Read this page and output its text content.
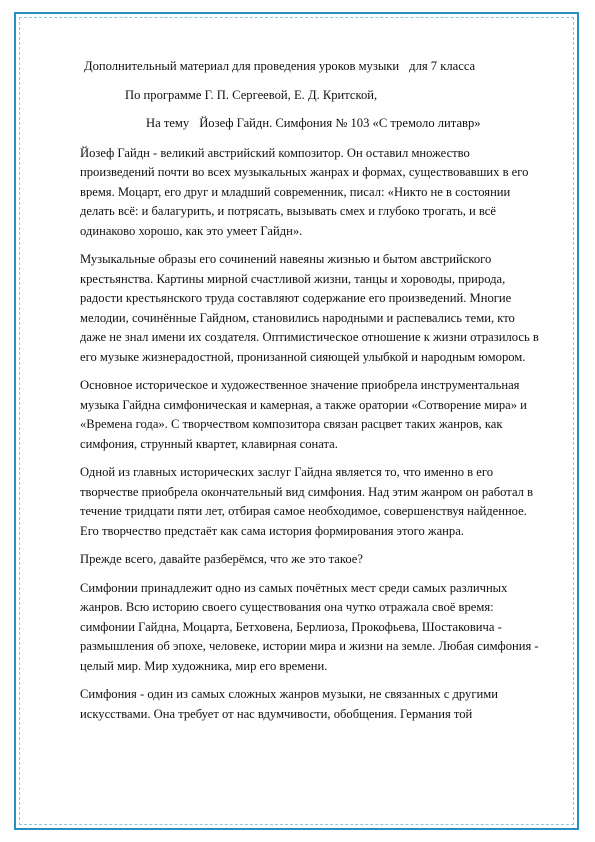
Дополнительный материал для проведения уроков музыки для 7 класса
По программе Г. П. Сергеевой, Е. Д. Критской,
На тему Йозеф Гайдн. Симфония № 103 «С тремоло литавр»

Йозеф Гайдн - великий австрийский композитор. Он оставил множество произведений почти во всех музыкальных жанрах и формах, существовавших в его время. Моцарт, его друг и младший современник, писал: «Никто не в состоянии делать всё: и балагурить, и потрясать, вызывать смех и глубоко трогать, и всё одинаково хорошо, как это умеет Гайдн».

Музыкальные образы его сочинений навеяны жизнью и бытом австрийского крестьянства. Картины мирной счастливой жизни, танцы и хороводы, природа, радости крестьянского труда составляют содержание его произведений. Многие мелодии, сочинённые Гайдном, становились народными и распевались теми, кто даже не знал имени их создателя. Оптимистическое отношение к жизни отразилось в его музыке жизнерадостной, пронизанной сияющей улыбкой и народным юмором.

Основное историческое и художественное значение приобрела инструментальная музыка Гайдна симфоническая и камерная, а также оратории «Сотворение мира» и «Времена года». С творчеством композитора связан расцвет таких жанров, как симфония, струнный квартет, клавирная соната.

Одной из главных исторических заслуг Гайдна является то, что именно в его творчестве приобрела окончательный вид симфония. Над этим жанром он работал в течение тридцати пяти лет, отбирая самое необходимое, совершенствуя найденное. Его творчество предстаёт как сама история формирования этого жанра.

Прежде всего, давайте разберёмся, что же это такое?

Симфонии принадлежит одно из самых почётных мест среди самых различных жанров. Всю историю своего существования она чутко отражала своё время: симфонии Гайдна, Моцарта, Бетховена, Берлиоза, Прокофьева, Шостаковича - размышления об эпохе, человеке, истории мира и жизни на земле. Любая симфония - целый мир. Мир художника, мир его времени.

Симфония - один из самых сложных жанров музыки, не связанных с другими искусствами. Она требует от нас вдумчивости, обобщения. Германия той
